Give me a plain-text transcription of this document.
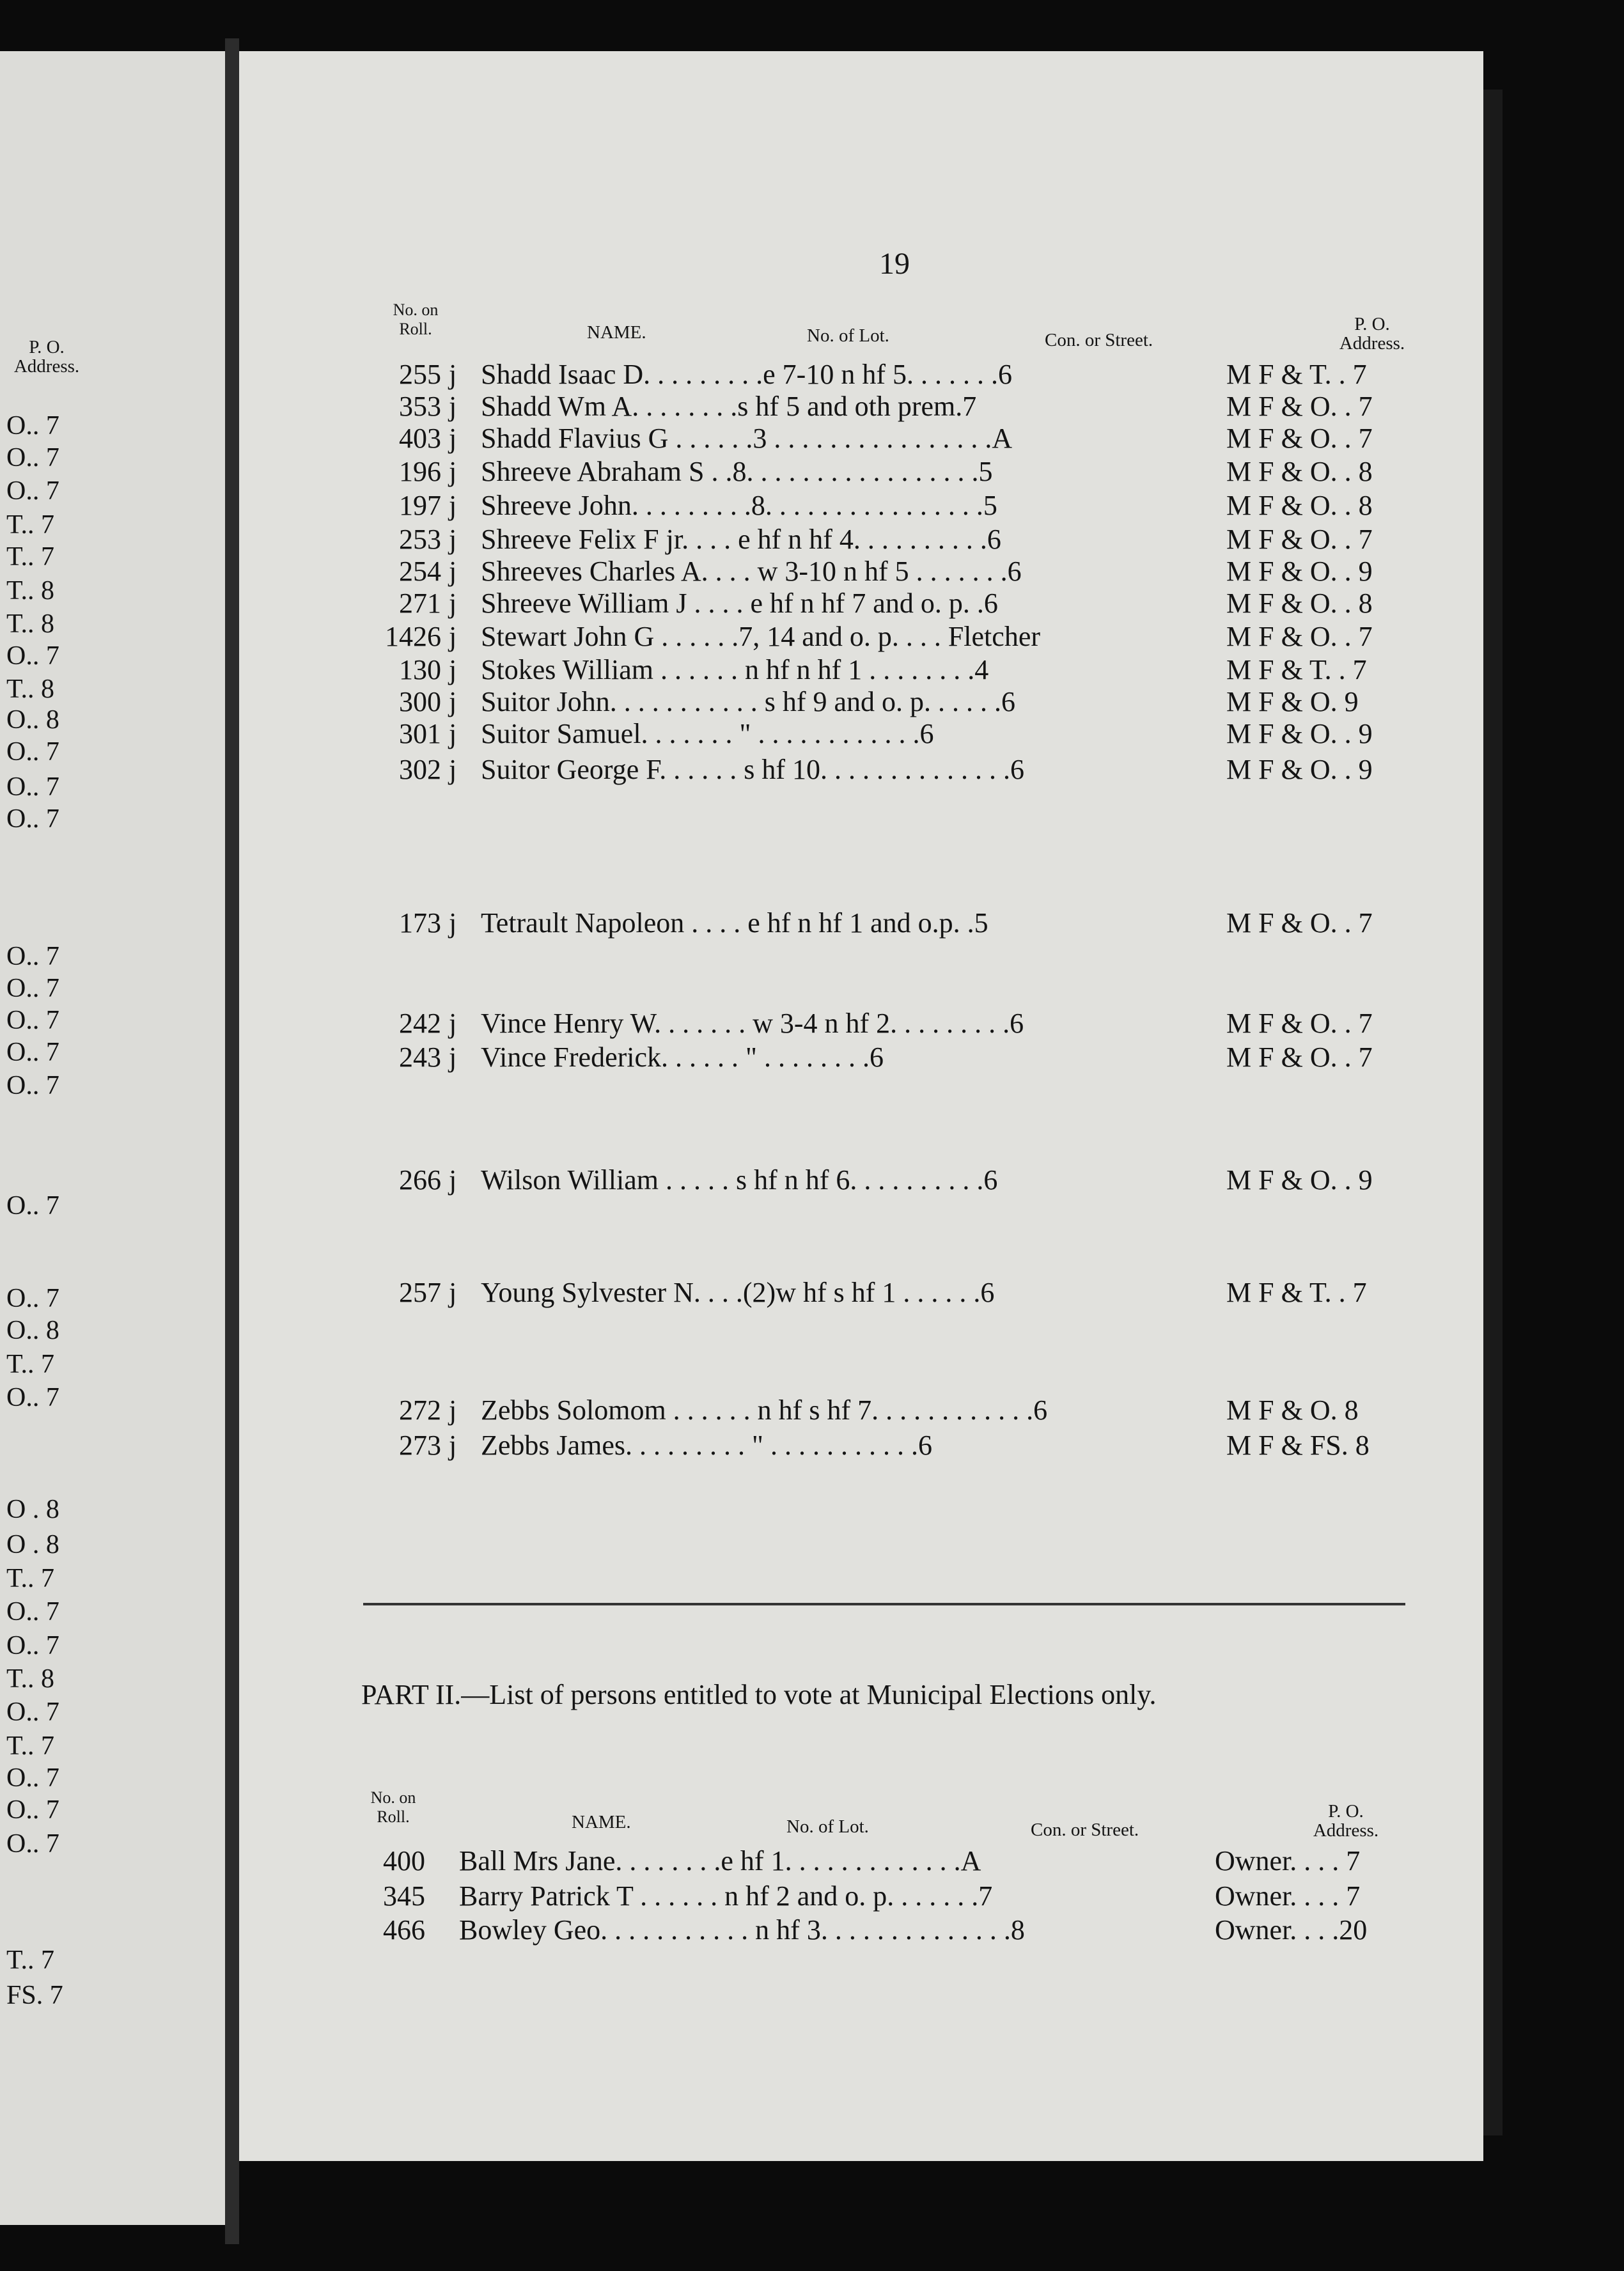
P. O. Address.
O.. 7
O.. 7
O.. 7
T.. 7
T.. 7
T.. 8
T.. 8
O.. 7
T.. 8
O.. 8
O.. 7
O.. 7
O.. 7
O.. 7
O.. 7
O.. 7
O.. 7
O.. 7
O.. 7
O.. 7
O.. 8
T.. 7
O.. 7
O . 8
O . 8
T.. 7
O.. 7
O.. 7
T.. 8
O.. 7
T.. 7
O.. 7
O.. 7
O.. 7
T.. 7
FS. 7
19
No. on Roll.	NAME.	No. of Lot.	Con. or Street.
P. O. Address.
255 j Shadd Isaac D. . . . . . . . .e 7-10 n hf 5. . . . . . .6	M F & T. . 7
353 j Shadd Wm A. . . . . . . .s hf 5 and oth prem.7	M F & O. . 7
403 j Shadd Flavius G . . . . . .3 . . . . . . . . . . . . . . . .A	M F & O. . 7
196 j Shreeve Abraham S . .8. . . . . . . . . . . . . . . . .5	M F & O. . 8
197 j Shreeve John. . . . . . . . .8. . . . . . . . . . . . . . . .5	M F & O. . 8
253 j Shreeve Felix F jr. . . . e hf n hf 4. . . . . . . . . .6	M F & O. . 7
254 j Shreeves Charles A. . . . w 3-10 n hf 5 . . . . . . .6	M F & O. . 9
271 j Shreeve William J . . . . e hf n hf 7 and o. p. .6	M F & O. . 8
1426 j Stewart John G . . . . . .7, 14 and o. p. . . . Fletcher	M F & O. . 7
130 j Stokes William . . . . . . n hf n hf 1 . . . . . . . .4	M F & T. . 7
300 j Suitor John. . . . . . . . . . . s hf 9 and o. p. . . . . .6	M F & O. 9
301 j Suitor Samuel. . . . . . . " . . . . . . . . . . . .6	M F & O. . 9
302 j Suitor George F. . . . . . s hf 10. . . . . . . . . . . . . .6	M F & O. . 9
173 j Tetrault Napoleon . . . . e hf n hf 1 and o.p. .5	M F & O. . 7
242 j Vince Henry W. . . . . . . w 3-4 n hf 2. . . . . . . . .6	M F & O. . 7
243 j Vince Frederick. . . . . . " . . . . . . . .6	M F & O. . 7
266 j Wilson William . . . . . s hf n hf 6. . . . . . . . . .6	M F & O. . 9
257 j Young Sylvester N. . . .(2)w hf s hf 1 . . . . . .6	M F & T. . 7
272 j Zebbs Solomom . . . . . . n hf s hf 7. . . . . . . . . . . .6	M F & O. 8
273 j Zebbs James. . . . . . . . . " . . . . . . . . . . .6	M F & FS. 8
PART II.—List of persons entitled to vote at Municipal Elections only.
No. on Roll.	NAME.	No. of Lot.	Con. or Street.
P. O. Address.
400 Ball Mrs Jane. . . . . . . .e hf 1. . . . . . . . . . . . .A	Owner. . . . 7
345 Barry Patrick T . . . . . . n hf 2 and o. p. . . . . . .7	Owner. . . . 7
466 Bowley Geo. . . . . . . . . . . n hf 3. . . . . . . . . . . . . .8	Owner. . . .20
